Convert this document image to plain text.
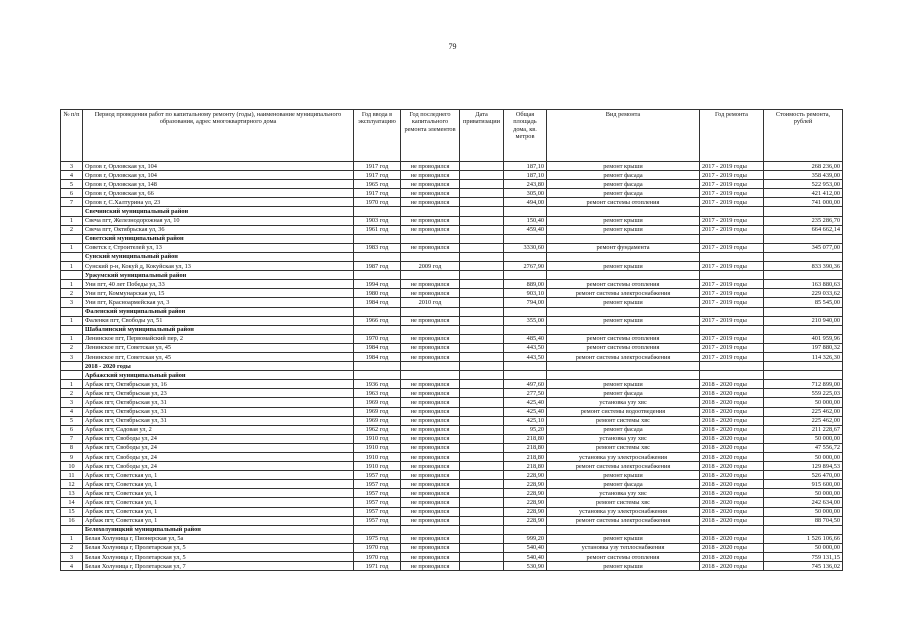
79
№ п/п	Период проведения работ по капитальному ремонту (годы), наименование муниципального образования, адрес многоквартирного дома	Год ввода в эксплуатацию	Год последнего капитального ремонта элементов	Дата приватизации	Общая площадь дома, кв. метров	Вид ремонта	Год ремонта	Стоимость ремонта, рублей
3	Орлов г, Орловская ул, 104	1917 год	не проводился		187,10	ремонт крыши	2017 - 2019 годы	268 236,00
4	Орлов г, Орловская ул, 104	1917 год	не проводился		187,10	ремонт фасада	2017 - 2019 годы	358 439,00
5	Орлов г, Орловская ул, 148	1965 год	не проводился		243,80	ремонт фасада	2017 - 2019 годы	522 953,00
6	Орлов г, Орловская ул, 66	1917 год	не проводился		305,00	ремонт фасада	2017 - 2019 годы	421 412,00
7	Орлов г, С.Халтурина ул, 23	1970 год	не проводился		494,00	ремонт системы отопления	2017 - 2019 годы	741 000,00
	Свечинский муниципальный район							
1	Свеча пгт, Железнодорожная ул, 10	1903 год	не проводился		150,40	ремонт крыши	2017 - 2019 годы	235 286,70
2	Свеча пгт, Октябрьская ул, 36	1961 год	не проводился		459,40	ремонт крыши	2017 - 2019 годы	664 662,14
	Советский муниципальный район							
1	Советск г, Строителей ул, 13	1983 год	не проводился		3330,60	ремонт фундамента	2017 - 2019 годы	345 077,00
	Сунский муниципальный район							
1	Сунский р-н, Кокуй д, Кокуйская ул, 13	1987 год	2009 год		2767,90	ремонт крыши	2017 - 2019 годы	833 390,36
	Уржумский муниципальный район							
1	Уни пгт, 40 лет Победы ул, 33	1994 год	не проводился		889,00	ремонт системы отопления	2017 - 2019 годы	163 880,63
2	Уни пгт, Коммунарская ул, 15	1980 год	не проводился		903,10	ремонт системы электроснабжения	2017 - 2019 годы	229 033,62
3	Уни пгт, Красноармейская ул, 3	1984 год	2010 год		794,00	ремонт крыши	2017 - 2019 годы	85 545,00
	Фаленский муниципальный район							
1	Фаленки пгт, Свободы ул, 51	1966 год	не проводился		355,00	ремонт крыши	2017 - 2019 годы	210 940,00
	Шабалинский муниципальный район							
1	Ленинское пгт, Первомайский пер, 2	1970 год	не проводился		485,40	ремонт системы отопления	2017 - 2019 годы	401 959,96
2	Ленинское пгт, Советская ул, 45	1984 год	не проводился		443,50	ремонт системы отопления	2017 - 2019 годы	197 880,32
3	Ленинское пгт, Советская ул, 45	1984 год	не проводился		443,50	ремонт системы электроснабжения	2017 - 2019 годы	114 326,30
	2018 - 2020 годы							
	Арбажский муниципальный район							
1	Арбаж пгт, Октябрьская ул, 16	1936 год	не проводился		497,60	ремонт крыши	2018 - 2020 годы	712 899,00
2	Арбаж пгт, Октябрьская ул, 23	1963 год	не проводился		277,50	ремонт фасада	2018 - 2020 годы	559 225,03
3	Арбаж пгт, Октябрьская ул, 31	1969 год	не проводился		425,40	установка узу хвс	2018 - 2020 годы	50 000,00
4	Арбаж пгт, Октябрьская ул, 31	1969 год	не проводился		425,40	ремонт системы водоотведения	2018 - 2020 годы	225 462,00
5	Арбаж пгт, Октябрьская ул, 31	1969 год	не проводился		425,10	ремонт системы хвс	2018 - 2020 годы	225 462,00
6	Арбаж пгт, Садовая ул, 2	1962 год	не проводился		95,20	ремонт фасада	2018 - 2020 годы	211 228,67
7	Арбаж пгт, Свободы ул, 24	1910 год	не проводился		218,80	установка узу хвс	2018 - 2020 годы	50 000,00
8	Арбаж пгт, Свободы ул, 24	1910 год	не проводился		218,80	ремонт системы хвс	2018 - 2020 годы	47 556,72
9	Арбаж пгт, Свободы ул, 24	1910 год	не проводился		218,80	установка узу электроснабжения	2018 - 2020 годы	50 000,00
10	Арбаж пгт, Свободы ул, 24	1910 год	не проводился		218,80	ремонт системы электроснабжения	2018 - 2020 годы	129 894,53
11	Арбаж пгт, Советская ул, 1	1957 год	не проводился		228,90	ремонт крыши	2018 - 2020 годы	526 470,00
12	Арбаж пгт, Советская ул, 1	1957 год	не проводился		228,90	ремонт фасада	2018 - 2020 годы	915 600,00
13	Арбаж пгт, Советская ул, 1	1957 год	не проводился		228,90	установка узу хвс	2018 - 2020 годы	50 000,00
14	Арбаж пгт, Советская ул, 1	1957 год	не проводился		228,90	ремонт системы хвс	2018 - 2020 годы	242 634,00
15	Арбаж пгт, Советская ул, 1	1957 год	не проводился		228,90	установка узу электроснабжения	2018 - 2020 годы	50 000,00
16	Арбаж пгт, Советская ул, 1	1957 год	не проводился		228,90	ремонт системы электроснабжения	2018 - 2020 годы	88 704,50
	Белохолуницкий муниципальный район							
1	Белая Холуница г, Пионерская ул, 5а	1975 год	не проводился		999,20	ремонт крыши	2018 - 2020 годы	1 526 106,66
2	Белая Холуница г, Пролетарская ул, 5	1970 год	не проводился		540,40	установка узу теплоснабжения	2018 - 2020 годы	50 000,00
3	Белая Холуница г, Пролетарская ул, 5	1970 год	не проводился		540,40	ремонт системы отопления	2018 - 2020 годы	759 131,15
4	Белая Холуница г, Пролетарская ул, 7	1971 год	не проводился		530,90	ремонт крыши	2018 - 2020 годы	745 136,02
